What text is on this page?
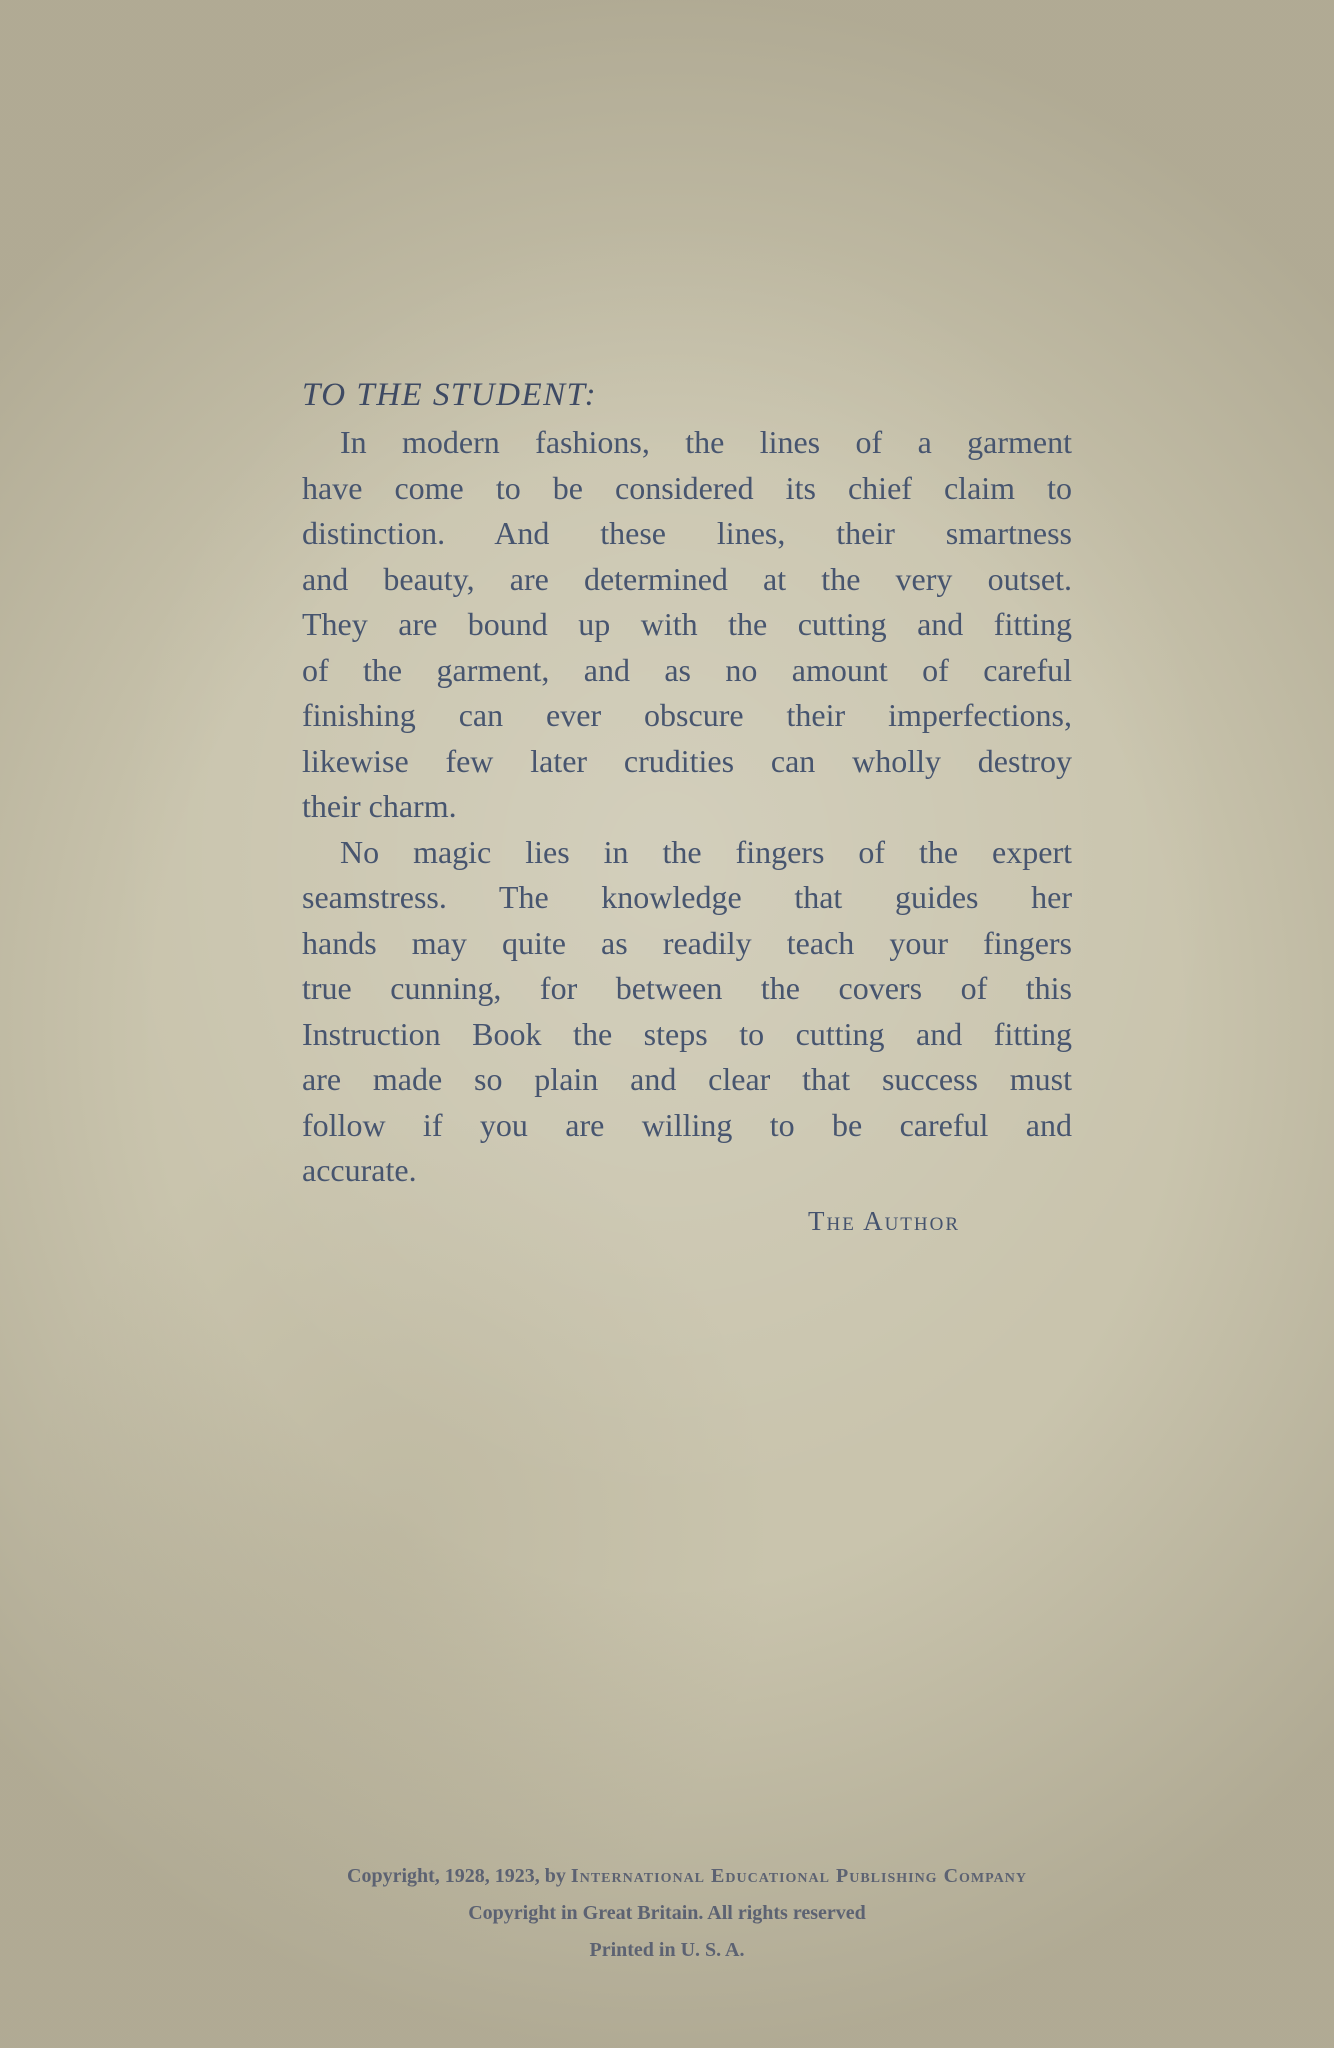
TO THE STUDENT:
In modern fashions, the lines of a garment
have come to be considered its chief claim to
distinction. And these lines, their smartness
and beauty, are determined at the very outset.
They are bound up with the cutting and fitting
of the garment, and as no amount of careful
finishing can ever obscure their imperfections,
likewise few later crudities can wholly destroy
their charm.
No magic lies in the fingers of the expert
seamstress. The knowledge that guides her
hands may quite as readily teach your fingers
true cunning, for between the covers of this
Instruction Book the steps to cutting and fitting
are made so plain and clear that success must
follow if you are willing to be careful and
accurate.
The Author
Copyright, 1928, 1923, by International Educational Publishing Company
Copyright in Great Britain. All rights reserved
Printed in U. S. A.
